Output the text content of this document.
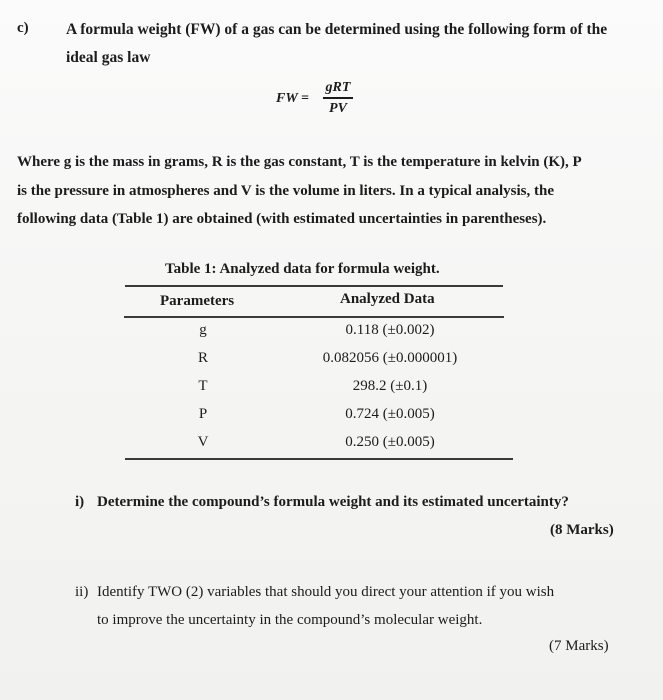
c) A formula weight (FW) of a gas can be determined using the following form of the ideal gas law
FW =
gRT
PV
Where g is the mass in grams, R is the gas constant, T is the temperature in kelvin (K), P
is the pressure in atmospheres and V is the volume in liters. In a typical analysis, the
following data (Table 1) are obtained (with estimated uncertainties in parentheses).
Table 1: Analyzed data for formula weight.
Parameters	Analyzed Data
g	0.118 (±0.002)
R	0.082056 (±0.000001)
T	298.2 (±0.1)
P	0.724 (±0.005)
V	0.250 (±0.005)
i) Determine the compound’s formula weight and its estimated uncertainty?
(8 Marks)
ii) Identify TWO (2) variables that should you direct your attention if you wish
to improve the uncertainty in the compound’s molecular weight.
(7 Marks)
